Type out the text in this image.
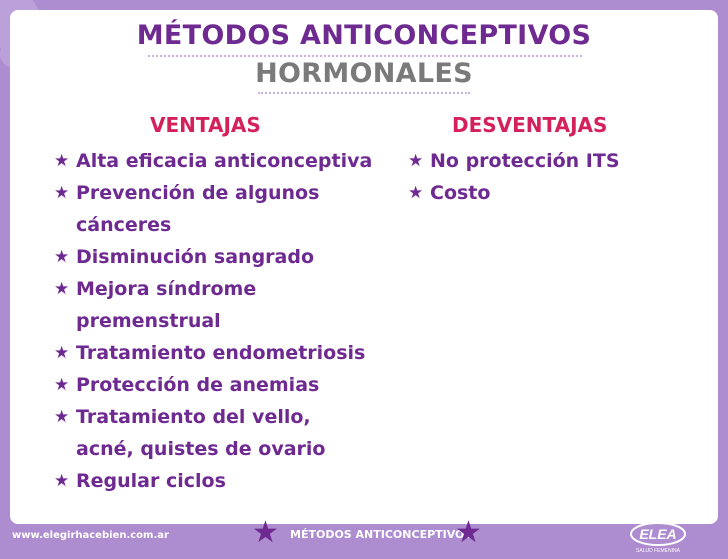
MÉTODOS ANTICONCEPTIVOS
HORMONALES
VENTAJAS	DESVENTAJAS
★ Alta eficacia anticonceptiva
★ Prevención de algunos
cánceres
★ Disminución sangrado
★ Mejora síndrome
premenstrual
★ Tratamiento endometriosis
★ Protección de anemias
★ Tratamiento del vello,
acné, quistes de ovario
★ Regular ciclos
★ No protección ITS
★ Costo
www.elegirhacebien.com.ar	★ MÉTODOS ANTICONCEPTIVOS
★	ELEA
SALUD FEMENINA
